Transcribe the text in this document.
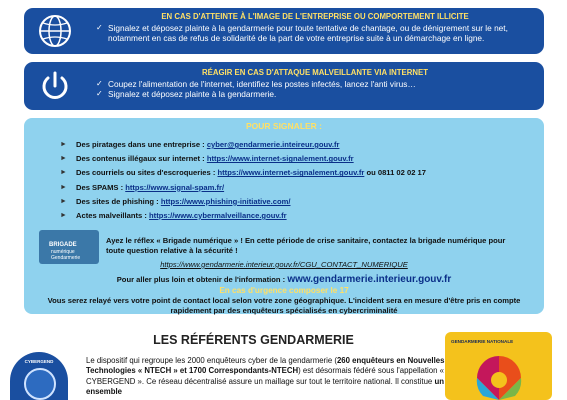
EN CAS D'ATTEINTE À L'IMAGE DE L'ENTREPRISE OU COMPORTEMENT ILLICITE
✓ Signalez et déposez plainte à la gendarmerie pour toute tentative de chantage, ou de dénigrement sur le net, notamment en cas de refus de solidarité de la part de votre entreprise suite à un démarchage en ligne.
RÉAGIR EN CAS D'ATTAQUE MALVEILLANTE VIA INTERNET
✓ Coupez l'alimentation de l'internet, identifiez les postes infectés, lancez l'anti virus…
✓ Signalez et déposez plainte à la gendarmerie.
POUR SIGNALER :
► Des piratages dans une entreprise : cyber@gendarmerie.inteireur.gouv.fr
► Des contenus illégaux sur internet : https://www.internet-signalement.gouv.fr
► Des courriels ou sites d'escroqueries : https://www.internet-signalement.gouv.fr ou 0811 02 02 17
► Des SPAMS : https://www.signal-spam.fr/
► Des sites de phishing : https://www.phishing-initiative.com/
► Actes malveillants : https://www.cybermalveillance.gouv.fr
BRIGADE
numérique
Gendarmerie
Ayez le réflex « Brigade numérique » ! En cette période de crise sanitaire, contactez la brigade numérique pour toute question relative à la sécurité !
https://www.gendarmerie.interieur.gouv.fr/CGU_CONTACT_NUMERIQUE
Pour aller plus loin et obtenir de l'information : www.gendarmerie.interieur.gouv.fr
En cas d'urgence composer le 17
Vous serez relayé vers votre point de contact local selon votre zone géographique. L'incident sera en mesure d'être pris en compte rapidement par des enquêteurs spécialisés en cybercriminalité
LES RÉFÉRENTS GENDARMERIE
CYBERGEND	Le dispositif qui regroupe les 2000 enquêteurs cyber de la gendarmerie (260 enquêteurs en Nouvelles Technologies « NTECH » et 1700 Correspondants-NTECH) est désormais fédéré sous l'appellation « CYBERGEND ». Ce réseau décentralisé assure un maillage sur tout le territoire national. Il constitue un ensemble
GENDARMERIE NATIONALE
